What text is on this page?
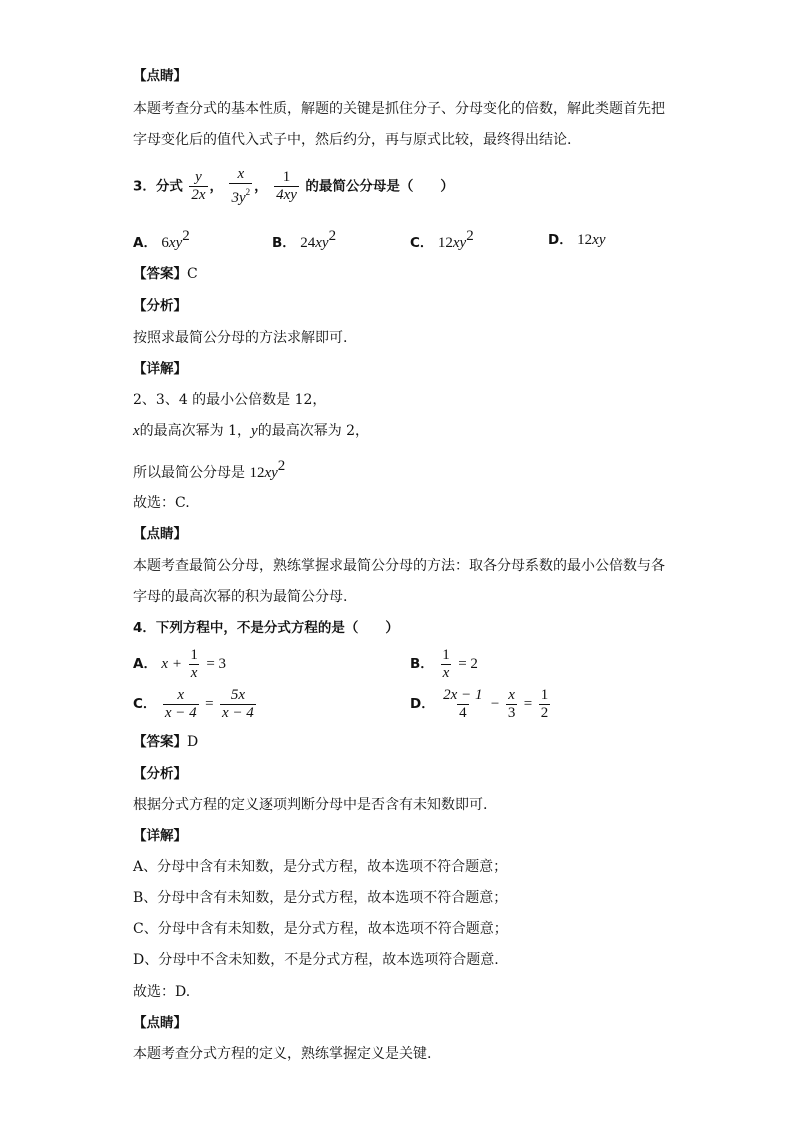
【点睛】
本题考查分式的基本性质，解题的关键是抓住分子、分母变化的倍数，解此类题首先把
字母变化后的值代入式子中，然后约分，再与原式比较，最终得出结论.
3．分式 $\frac{y}{2x}$ ， $\frac{x}{3y^2}$ ， $\frac{1}{4xy}$ 的最简公分母是（　　）
A． $6xy^2$	B． $24xy^2$	C． $12xy^2$	D． 12xy
【答案】C
【分析】
按照求最简公分母的方法求解即可.
【详解】
2、3、4 的最小公倍数是 12，
x的最高次幂为 1，y的最高次幂为 2，
所以最简公分母是 $12xy^2$
故选：C.
【点睛】
本题考查最简公分母，熟练掌握求最简公分母的方法：取各分母系数的最小公倍数与各
字母的最高次幂的积为最简公分母.
4．下列方程中，不是分式方程的是（　　）
A． $x + \frac{1}{x} = 3$	B． $\frac{1}{x} = 2$
C． $\frac{x}{x - 4} = \frac{5x}{x - 4}$	D． $\frac{2x - 1}{4} - \frac{x}{3} = \frac{1}{2}$
【答案】D
【分析】
根据分式方程的定义逐项判断分母中是否含有未知数即可.
【详解】
A、分母中含有未知数，是分式方程，故本选项不符合题意；
B、分母中含有未知数，是分式方程，故本选项不符合题意；
C、分母中含有未知数，是分式方程，故本选项不符合题意；
D、分母中不含未知数，不是分式方程，故本选项符合题意.
故选：D.
【点睛】
本题考查分式方程的定义，熟练掌握定义是关键.
